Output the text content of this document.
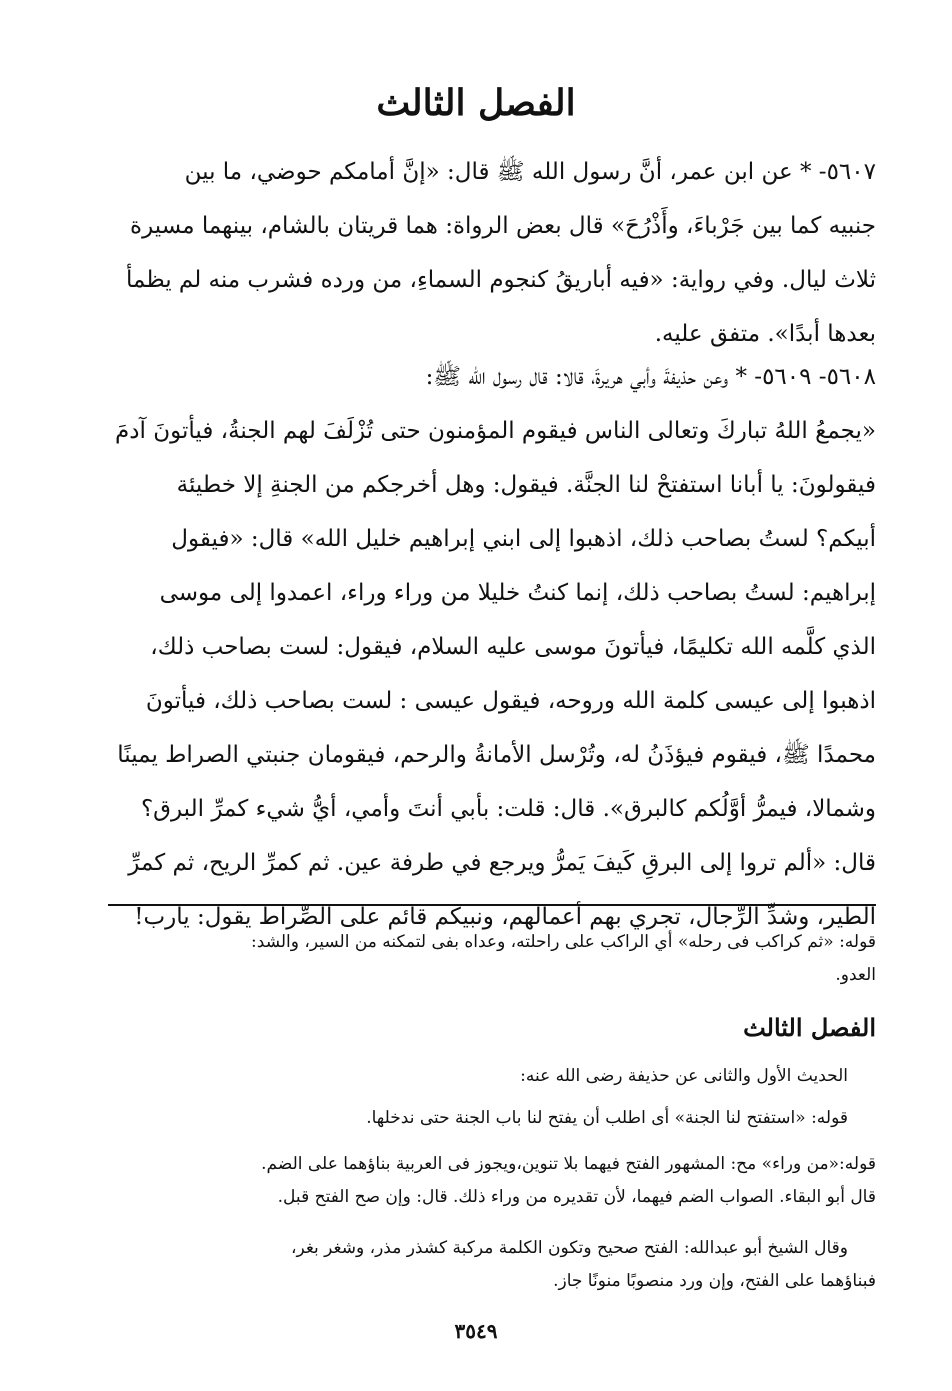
الفصل الثالث
٥٦٠٧- * عن ابن عمر، أنَّ رسول الله ﷺ قال: «إنَّ أمامكم حوضي، ما بين
جنبيه كما بين جَرْباءَ، وأَذْرُحَ» قال بعض الرواة: هما قريتان بالشام، بينهما مسيرة
ثلاث ليال. وفي رواية: «فيه أباريقُ كنجوم السماءِ، من ورده فشرب منه لم يظمأ
بعدها أبدًا». متفق عليه.
٥٦٠٨- ٥٦٠٩- * وعن حذيفةَ وأبي هريرةَ، قالا: قال رسول الله ﷺ:
«يجمعُ اللهُ تباركَ وتعالى الناس فيقوم المؤمنون حتى تُزْلَفَ لهم الجنةُ، فيأتونَ آدمَ
فيقولونَ: يا أبانا استفتحْ لنا الجنَّة. فيقول: وهل أخرجكم من الجنةِ إلا خطيئة
أبيكم؟ لستُ بصاحب ذلك، اذهبوا إلى ابني إبراهيم خليل الله» قال: «فيقول
إبراهيم: لستُ بصاحب ذلك، إنما كنتُ خليلا من وراء وراء، اعمدوا إلى موسى
الذي كلَّمه الله تكليمًا، فيأتونَ موسى عليه السلام، فيقول: لست بصاحب ذلك،
اذهبوا إلى عيسى كلمة الله وروحه، فيقول عيسى : لست بصاحب ذلك، فيأتونَ
محمدًا ﷺ، فيقوم فيؤذَنُ له، وتُرْسل الأمانةُ والرحم، فيقومان جنبتي الصراط يمينًا
وشمالا، فيمرُّ أوَّلُكم كالبرق». قال: قلت: بأبي أنتَ وأمي، أيُّ شيء كمرِّ البرق؟
قال: «ألم تروا إلى البرقِ كَيفَ يَمرُّ ويرجع في طرفة عين. ثم كمرِّ الريح، ثم كمرِّ
الطير، وشدِّ الرِّجال، تجري بهم أعمالهم، ونبيكم قائم على الصِّراط يقول: يارب!
قوله: «ثم كراكب فى رحله» أي الراكب على راحلته، وعداه بفى لتمكنه من السير، والشد:
العدو.
الفصل الثالث
الحديث الأول والثانى عن حذيفة رضى الله عنه:
قوله: «استفتح لنا الجنة» أى اطلب أن يفتح لنا باب الجنة حتى ندخلها.
قوله:«من وراء» مح: المشهور الفتح فيهما بلا تنوين،ويجوز فى العربية بناؤهما على الضم.
قال أبو البقاء. الصواب الضم فيهما، لأن تقديره من وراء ذلك. قال: وإن صح الفتح قبل.
وقال الشيخ أبو عبدالله: الفتح صحيح وتكون الكلمة مركبة كشذر مذر، وشغر بغر،
فبناؤهما على الفتح، وإن ورد منصوبًا منونًا جاز.
٣٥٤٩
